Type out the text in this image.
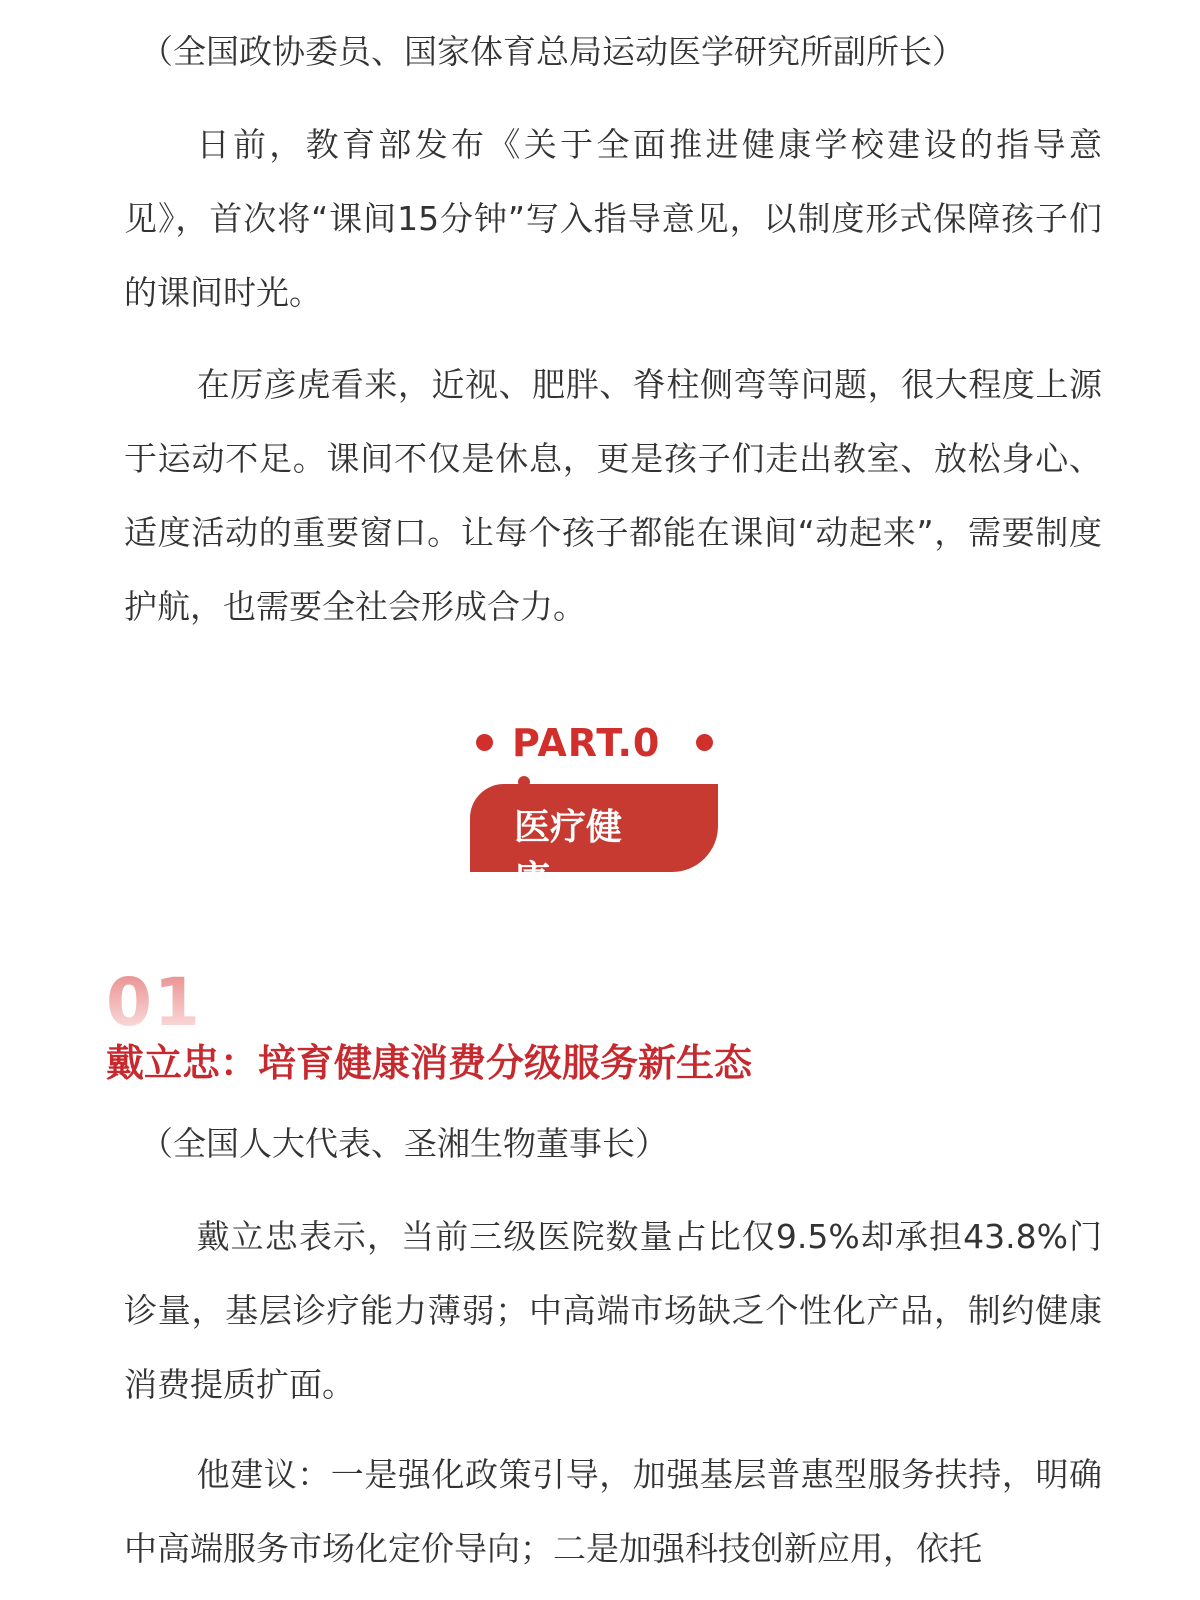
（全国政协委员、国家体育总局运动医学研究所副所长）

日前，教育部发布《关于全面推进健康学校建设的指导意见》，首次将“课间15分钟”写入指导意见，以制度形式保障孩子们的课间时光。

在厉彦虎看来，近视、肥胖、脊柱侧弯等问题，很大程度上源于运动不足。课间不仅是休息，更是孩子们走出教室、放松身心、适度活动的重要窗口。让每个孩子都能在课间“动起来”，需要制度护航，也需要全社会形成合力。

PART.0
医疗健康
01
戴立忠：培育健康消费分级服务新生态
（全国人大代表、圣湘生物董事长）

戴立忠表示，当前三级医院数量占比仅9.5%却承担43.8%门诊量，基层诊疗能力薄弱；中高端市场缺乏个性化产品，制约健康消费提质扩面。

他建议：一是强化政策引导，加强基层普惠型服务扶持，明确中高端服务市场化定价导向；二是加强科技创新应用，依托
